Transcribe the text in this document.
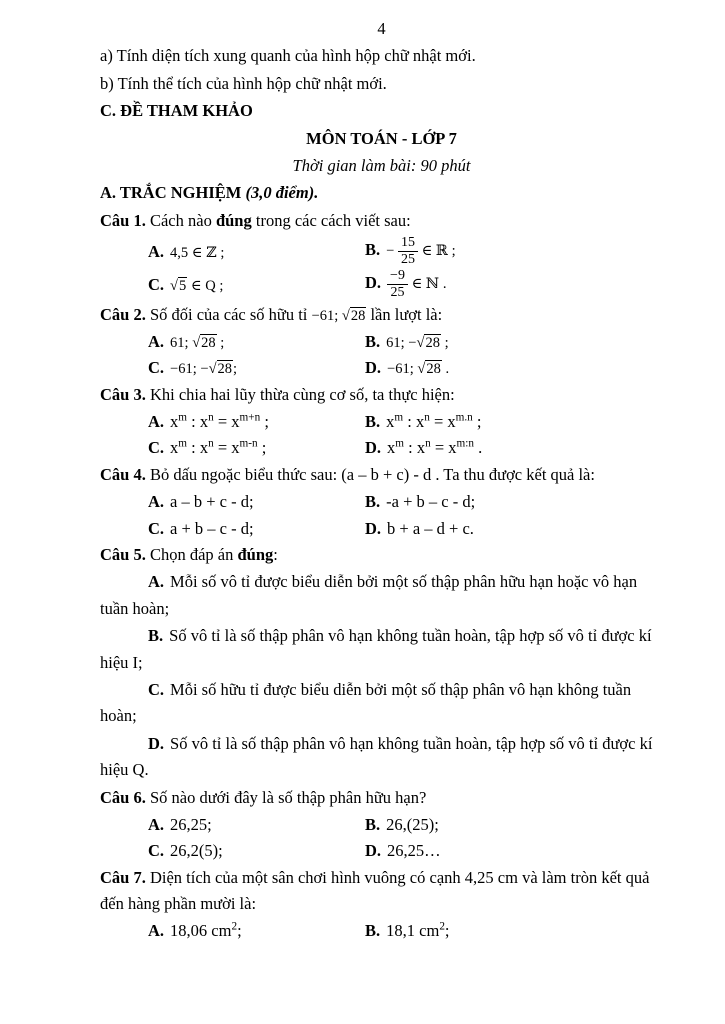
4

a) Tính diện tích xung quanh của hình hộp chữ nhật mới.

b) Tính thể tích của hình hộp chữ nhật mới.

C. ĐỀ THAM KHẢO

MÔN TOÁN - LỚP 7

Thời gian làm bài: 90 phút

A. TRẮC NGHIỆM (3,0 điểm).

Câu 1. Cách nào đúng trong các cách viết sau:

A. 4,5 ∈ ℤ ;	B. − $\frac{15}{25}$ ∈ ℝ ;
C. √5 ∈ Q ;	D. $\frac{-9}{25}$ ∈ ℕ .

Câu 2. Số đối của các số hữu tỉ −61; √28 lần lượt là:

A. 61; √28 ;	B. 61; −√28 ;
C. −61; −√28;	D. −61; √28 .

Câu 3. Khi chia hai lũy thừa cùng cơ số, ta thực hiện:

A. $x^m$ : $x^n = x^{m+n}$ ;	B. $x^m$ : $x^n = x^{m.n}$ ;
C. $x^m$ : $x^n = x^{m-n}$ ;	D. $x^m$ : $x^n = x^{m:n}$ .

Câu 4. Bỏ dấu ngoặc biểu thức sau: (a – b + c) - d . Ta thu được kết quả là:

A. a – b + c - d;	B. -a + b – c - d;
C. a + b – c - d;	D. b + a – d + c.

Câu 5. Chọn đáp án đúng:

A. Mỗi số vô tỉ được biểu diễn bởi một số thập phân hữu hạn hoặc vô hạn tuần hoàn;

B. Số vô tỉ là số thập phân vô hạn không tuần hoàn, tập hợp số vô tỉ được kí hiệu I;

C. Mỗi số hữu tỉ được biểu diễn bởi một số thập phân vô hạn không tuần hoàn;

D. Số vô tỉ là số thập phân vô hạn không tuần hoàn, tập hợp số vô tỉ được kí hiệu Q.

Câu 6. Số nào dưới đây là số thập phân hữu hạn?

A. 26,25;	B. 26,(25);
C. 26,2(5);	D. 26,25…

Câu 7. Diện tích của một sân chơi hình vuông có cạnh 4,25 cm và làm tròn kết quả đến hàng phần mười là:

A. 18,06 $cm^2$;	B. 18,1 $cm^2$;
